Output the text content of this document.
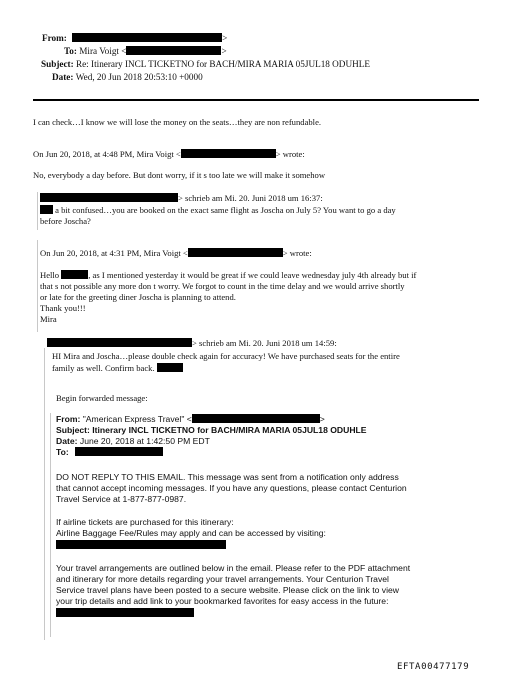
From:	>
To: Mira Voigt <	>
Subject: Re: Itinerary INCL TICKETNO for BACH/MIRA MARIA 05JUL18 ODUHLE
Date: Wed, 20 Jun 2018 20:53:10 +0000
I can check…I know we will lose the money on the seats…they are non refundable.
On Jun 20, 2018, at 4:48 PM, Mira Voigt <	> wrote:
No, everybody a day before. But dont worry, if it s too late we will make it somehow
> schrieb am Mi. 20. Juni 2018 um 16:37:
a bit confused…you are booked on the exact same flight as Joscha on July 5? You want to go a day
before Joscha?
On Jun 20, 2018, at 4:31 PM, Mira Voigt <	> wrote:
Hello	, as I mentioned yesterday it would be great if we could leave wednesday july 4th already but if
that s not possible any more don t worry. We forgot to count in the time delay and we would arrive shortly
or late for the greeting diner Joscha is planning to attend.
Thank you!!!
Mira
> schrieb am Mi. 20. Juni 2018 um 14:59:
HI Mira and Joscha…please double check again for accuracy! We have purchased seats for the entire
family as well. Confirm back.
Begin forwarded message:
From: "American Express Travel" <	>
Subject: Itinerary INCL TICKETNO for BACH/MIRA MARIA 05JUL18 ODUHLE
Date: June 20, 2018 at 1:42:50 PM EDT
To:
DO NOT REPLY TO THIS EMAIL. This message was sent from a notification only address
that cannot accept incoming messages. If you have any questions, please contact Centurion
Travel Service at 1-877-877-0987.
If airline tickets are purchased for this itinerary:
Airline Baggage Fee/Rules may apply and can be accessed by visiting:
Your travel arrangements are outlined below in the email. Please refer to the PDF attachment
and itinerary for more details regarding your travel arrangements. Your Centurion Travel
Service travel plans have been posted to a secure website. Please click on the link to view
your trip details and add link to your bookmarked favorites for easy access in the future:
EFTA00477179
